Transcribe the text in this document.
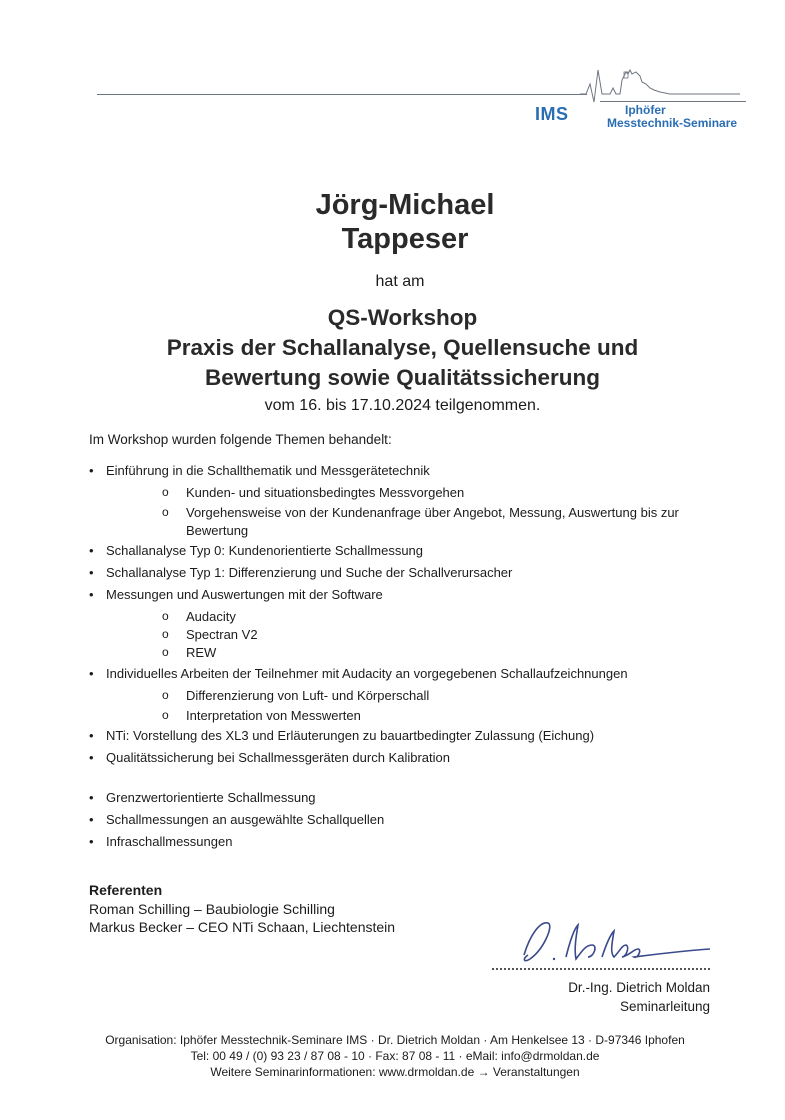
IMS	Iphöfer
Messtechnik-Seminare
Jörg-Michael
Tappeser
hat am
QS-Workshop
Praxis der Schallanalyse, Quellensuche und
Bewertung sowie Qualitätssicherung
vom 16. bis 17.10.2024 teilgenommen.
Im Workshop wurden folgende Themen behandelt:
• Einführung in die Schallthematik und Messgerätetechnik
o Kunden- und situationsbedingtes Messvorgehen
o Vorgehensweise von der Kundenanfrage über Angebot, Messung, Auswertung bis zur Bewertung
• Schallanalyse Typ 0: Kundenorientierte Schallmessung
• Schallanalyse Typ 1: Differenzierung und Suche der Schallverursacher
• Messungen und Auswertungen mit der Software
o Audacity
o Spectran V2
o REW
• Individuelles Arbeiten der Teilnehmer mit Audacity an vorgegebenen Schallaufzeichnungen
o Differenzierung von Luft- und Körperschall
o Interpretation von Messwerten
• NTi: Vorstellung des XL3 und Erläuterungen zu bauartbedingter Zulassung (Eichung)
• Qualitätssicherung bei Schallmessgeräten durch Kalibration
• Grenzwertorientierte Schallmessung
• Schallmessungen an ausgewählte Schallquellen
• Infraschallmessungen
Referenten
Roman Schilling – Baubiologie Schilling
Markus Becker – CEO NTi Schaan, Liechtenstein
Dr.-Ing. Dietrich Moldan
Seminarleitung
Organisation: Iphöfer Messtechnik-Seminare IMS · Dr. Dietrich Moldan · Am Henkelsee 13 · D-97346 Iphofen
Tel: 00 49 / (0) 93 23 / 87 08 - 10 · Fax: 87 08 - 11 · eMail: info@drmoldan.de
Weitere Seminarinformationen: www.drmoldan.de → Veranstaltungen
